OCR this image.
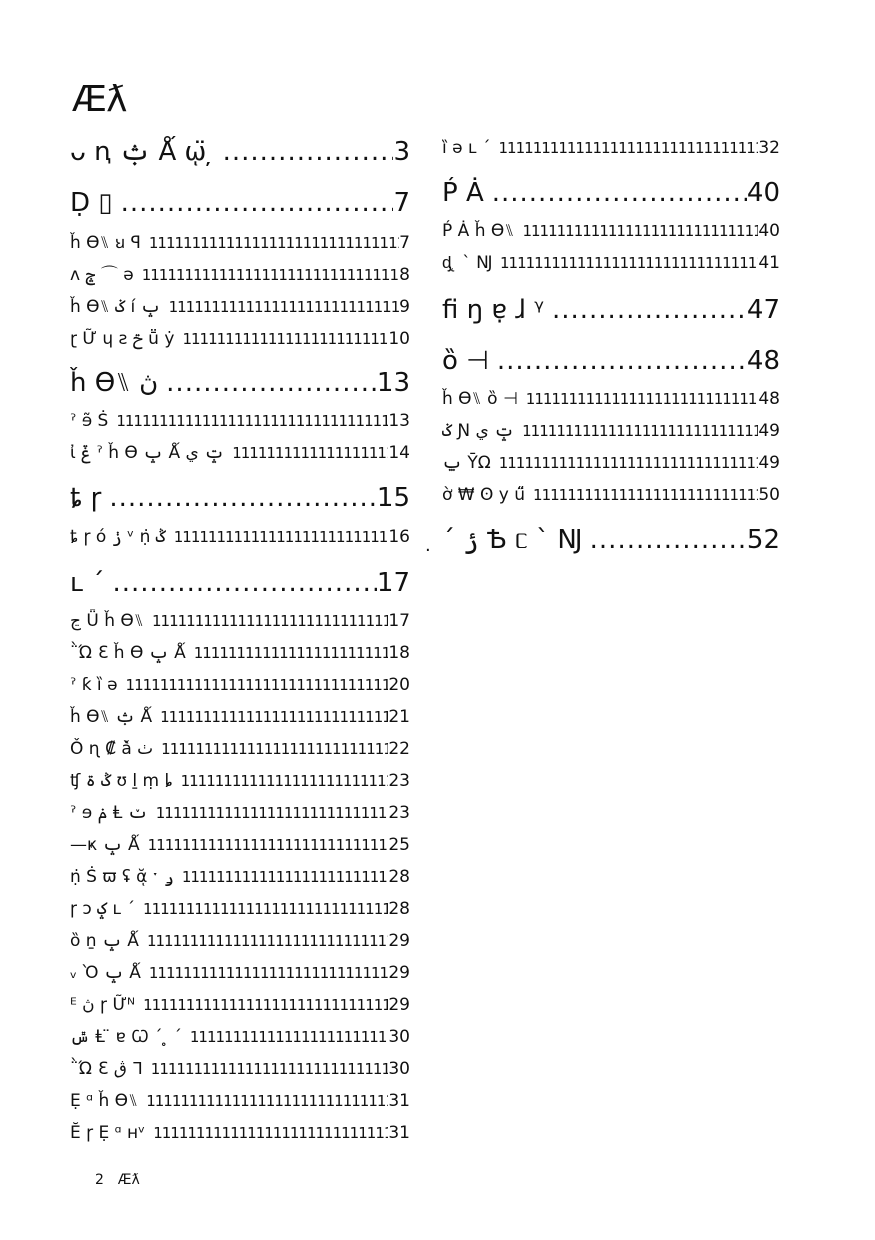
Æƛ
ᴗ ꞑ ݑ Ǻ ῳ̈ ̦ .....	3
Ḍ ▯ .....	7
ȟ Ɵ⑊ ꞟ ꟼ 1111111111111111111111111111111111111111111111111111111111111111111111111111111111111111111111	7
ᴧ ݘ ⌒ ə 1111111111111111111111111111111111111111111111111111111111111111111111111111111111111111111111	8
ȟ Ɵ⑊ ݢ í ݒ 1111111111111111111111111111111111111111111111111111111111111111111111111111111111111111111111	9
ɽ Ữ ɥ ƨ ݗ ṻ ẏ 1111111111111111111111111111111111111111111111111111111111111111111111111111111111111111111111	10
ȟ Ɵ⑊ ڽ .....	13
ˀ ɘ̃ Ṡ 1111111111111111111111111111111111111111111111111111111111111111111111111111111111111111111111	13
ἰ ݞ ˀ ȟ Ɵ ݒ Ǻ ݓ ي 1111111111111111111111111111111111111111111111111111111111111111111111111111111111111111111111	14
ȶ ɼ .....	15
ȶ ɼ ó ݫ ᵛ ṇ̇ ݣ 1111111111111111111111111111111111111111111111111111111111111111111111111111111111111111111111	16
ʟ ˊ .....	17
ڃ Ǖ ȟ Ɵ⑊ 1111111111111111111111111111111111111111111111111111111111111111111111111111111111111111111111	17
῭Ώ Ɛ ȟ Ɵ ݒ Ǻ 1111111111111111111111111111111111111111111111111111111111111111111111111111111111111111111111	18
ˀ ƙ ȉ ə 1111111111111111111111111111111111111111111111111111111111111111111111111111111111111111111111	20
ȟ Ɵ⑊ ݑ Ǻ 1111111111111111111111111111111111111111111111111111111111111111111111111111111111111111111111	21
Ǒ ɳ ₡ ǎ̀ ٺ 1111111111111111111111111111111111111111111111111111111111111111111111111111111111111111111111	22
ʧ ݣ ۃ ʊ ḻ ṃ ȴ 1111111111111111111111111111111111111111111111111111111111111111111111111111111111111111111111	23
ˀ ɘ ݥ Ⱡ ݖ 1111111111111111111111111111111111111111111111111111111111111111111111111111111111111111111111	23
—ҝ ݒ Ǻ 1111111111111111111111111111111111111111111111111111111111111111111111111111111111111111111111	25
ṇ̇ Ṡ ϖ ʢ ᾰͅ ˑ ݛ 1111111111111111111111111111111111111111111111111111111111111111111111111111111111111111111111	28
ɼ ɔ ݤ ʟ ˊ 1111111111111111111111111111111111111111111111111111111111111111111111111111111111111111111111	28
ȍ ṉ ݒ Ǻ 1111111111111111111111111111111111111111111111111111111111111111111111111111111111111111111111	29
ᵥ Ὸ ݒ Ǻ 1111111111111111111111111111111111111111111111111111111111111111111111111111111111111111111111	29
ᴱ ڽ ɼ Ữᴺ 1111111111111111111111111111111111111111111111111111111111111111111111111111111111111111111111	29
ݜ Ⱡ ̈ ɐ Ꞷ ˊ ̥ ˊ 1111111111111111111111111111111111111111111111111111111111111111111111111111111111111111111111	30
῭Ώ Ɛ ڨ ᒣ 1111111111111111111111111111111111111111111111111111111111111111111111111111111111111111111111	30
Ẹ ᵅ ȟ Ɵ⑊ 1111111111111111111111111111111111111111111111111111111111111111111111111111111111111111111111	31
Ĕ ɼ Ẹ ᵅ ʜᵛ 1111111111111111111111111111111111111111111111111111111111111111111111111111111111111111111111	31
ȉ ə ʟ ˊ 1111111111111111111111111111111111111111111111111111111111111111111111111111111111111111111111	32
Ṕ Ȧ .....	40
Ṕ Ȧ ȟ Ɵ⑊ 1111111111111111111111111111111111111111111111111111111111111111111111111111111111111111111111	40
ᶁ ̨ ˋ Ǌ 1111111111111111111111111111111111111111111111111111111111111111111111111111111111111111111111	41
ﬁ ŋ ɐ̣ ɺ ᵞ .....	47
ȍ ⊣ .....	48
ȟ Ɵ⑊ ȍ ⊣ 1111111111111111111111111111111111111111111111111111111111111111111111111111111111111111111111	48
ݢ Ɲ ݓ ي 1111111111111111111111111111111111111111111111111111111111111111111111111111111111111111111111	49
ݐ ῩΩ 1111111111111111111111111111111111111111111111111111111111111111111111111111111111111111111111	49
ờ ₩ ʘ y ű̈ 1111111111111111111111111111111111111111111111111111111111111111111111111111111111111111111111	50
ˊ ݬ Ѣ ᥴ ˋ Ǌ .....	52
·
2 Æƛ
